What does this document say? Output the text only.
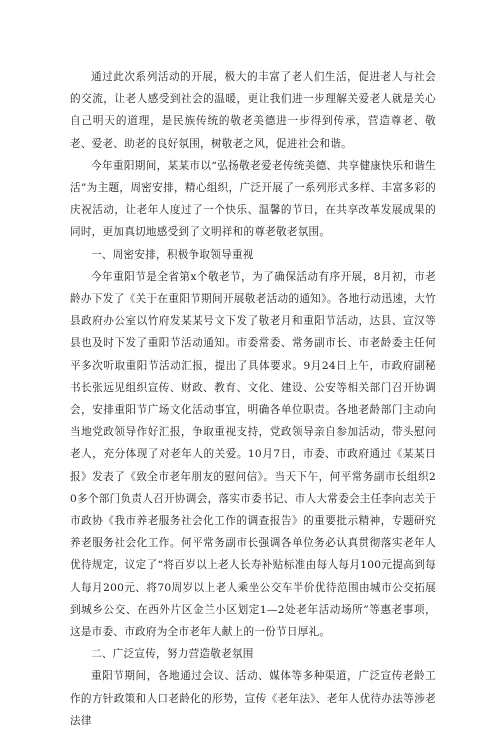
通过此次系列活动的开展，极大的丰富了老人们生活，促进老人与社会的交流，让老人感受到社会的温暖，更让我们进一步理解关爱老人就是关心自己明天的道理，是民族传统的敬老美德进一步得到传承，营造尊老、敬老、爱老、助老的良好氛围，树敬老之风，促进社会和谐。

今年重阳期间，某某市以“弘扬敬老爱老传统美德、共享健康快乐和谐生活”为主题，周密安排，精心组织，广泛开展了一系列形式多样、丰富多彩的庆祝活动，让老年人度过了一个快乐、温馨的节日，在共享改革发展成果的同时，更加真切地感受到了文明祥和的尊老敬老氛围。

一、周密安排，积极争取领导重视

今年重阳节是全省第x个敬老节，为了确保活动有序开展，8月初，市老龄办下发了《关于在重阳节期间开展敬老活动的通知》。各地行动迅速，大竹县政府办公室以竹府发某某号文下发了敬老月和重阳节活动，达县、宣汉等县也及时下发了重阳节活动通知。市委常委、常务副市长、市老龄委主任何平多次听取重阳节活动汇报，提出了具体要求。9月24日上午，市政府副秘书长张远见组织宣传、财政、教育、文化、建设、公安等相关部门召开协调会，安排重阳节广场文化活动事宜，明确各单位职责。各地老龄部门主动向当地党政领导作好汇报，争取重视支持，党政领导亲自参加活动，带头慰问老人，充分体现了对老年人的关爱。10月7日，市委、市政府通过《某某日报》发表了《致全市老年朋友的慰问信》。当天下午，何平常务副市长组织20多个部门负责人召开协调会，落实市委书记、市人大常委会主任李向志关于市政协《我市养老服务社会化工作的调查报告》的重要批示精神，专题研究养老服务社会化工作。何平常务副市长强调各单位务必认真贯彻落实老年人优待规定，议定了“将百岁以上老人长寿补贴标准由每人每月100元提高到每人每月200元、将70周岁以上老人乘坐公交车半价优待范围由城市公交拓展到城乡公交、在西外片区金兰小区划定1—2处老年活动场所”等惠老事项，这是市委、市政府为全市老年人献上的一份节日厚礼。

二、广泛宣传，努力营造敬老氛围

重阳节期间，各地通过会议、活动、媒体等多种渠道，广泛宣传老龄工作的方针政策和人口老龄化的形势，宣传《老年法》、老年人优待办法等涉老法律
